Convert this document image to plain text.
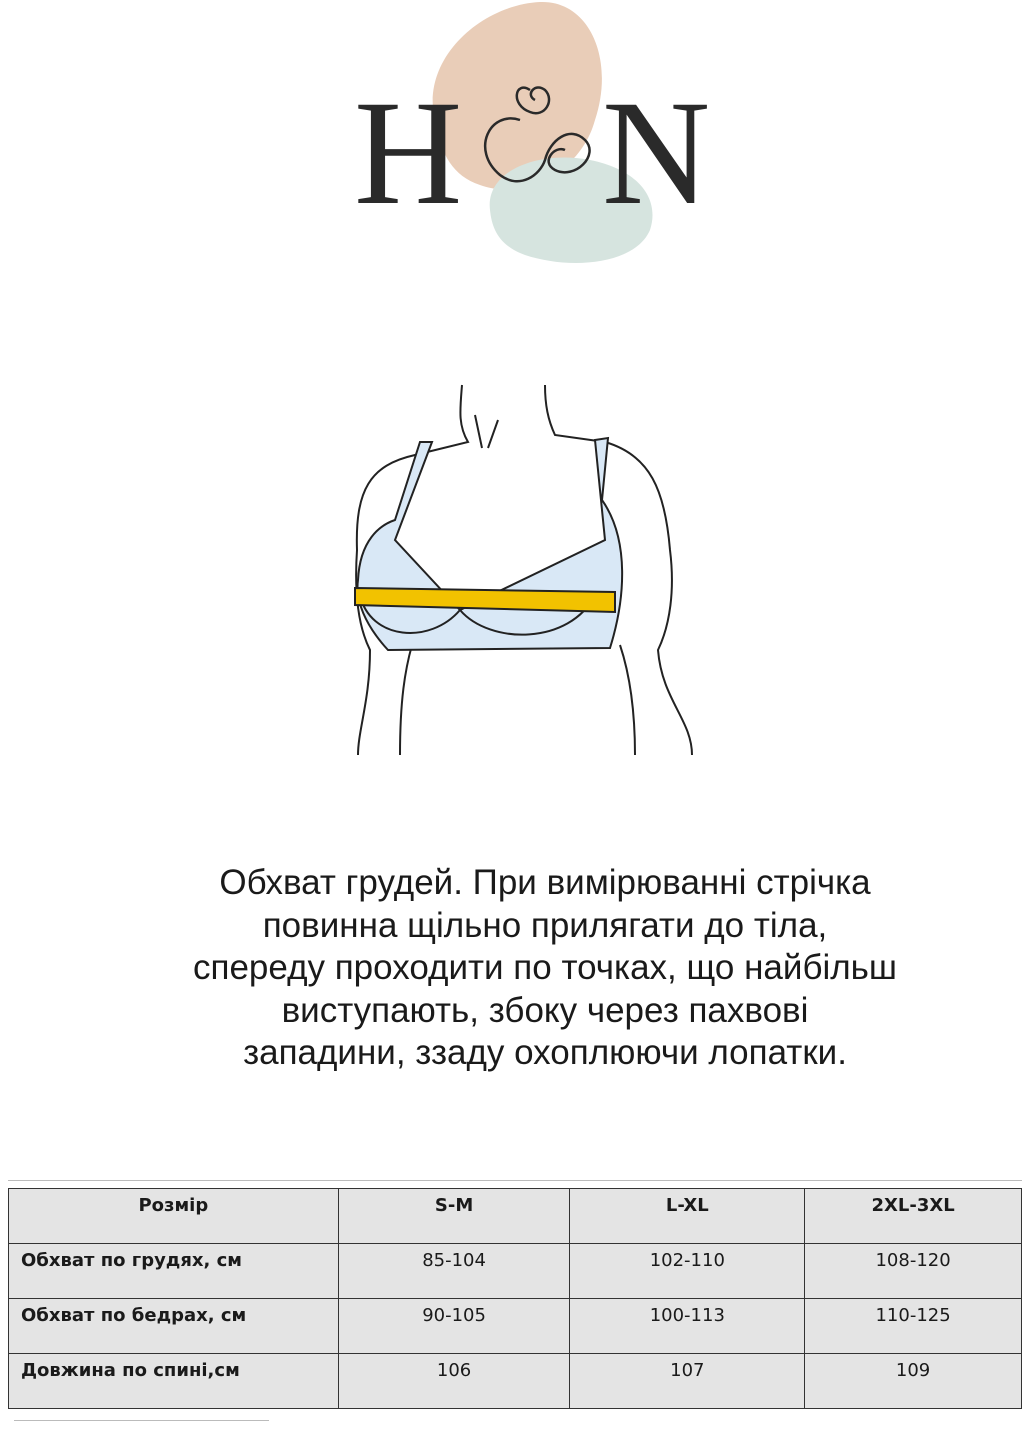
H N
Обхват грудей. При вимірюванні стрічка
повинна щільно прилягати до тіла,
спереду проходити по точках, що найбільш
виступають, збоку через пахвові
западини, ззаду охоплюючи лопатки.
Розмір	S-M	L-XL	2XL-3XL
Обхват по грудях, см	85-104	102-110	108-120
Обхват по бедрах, см	90-105	100-113	110-125
Довжина по спині,см	106	107	109
